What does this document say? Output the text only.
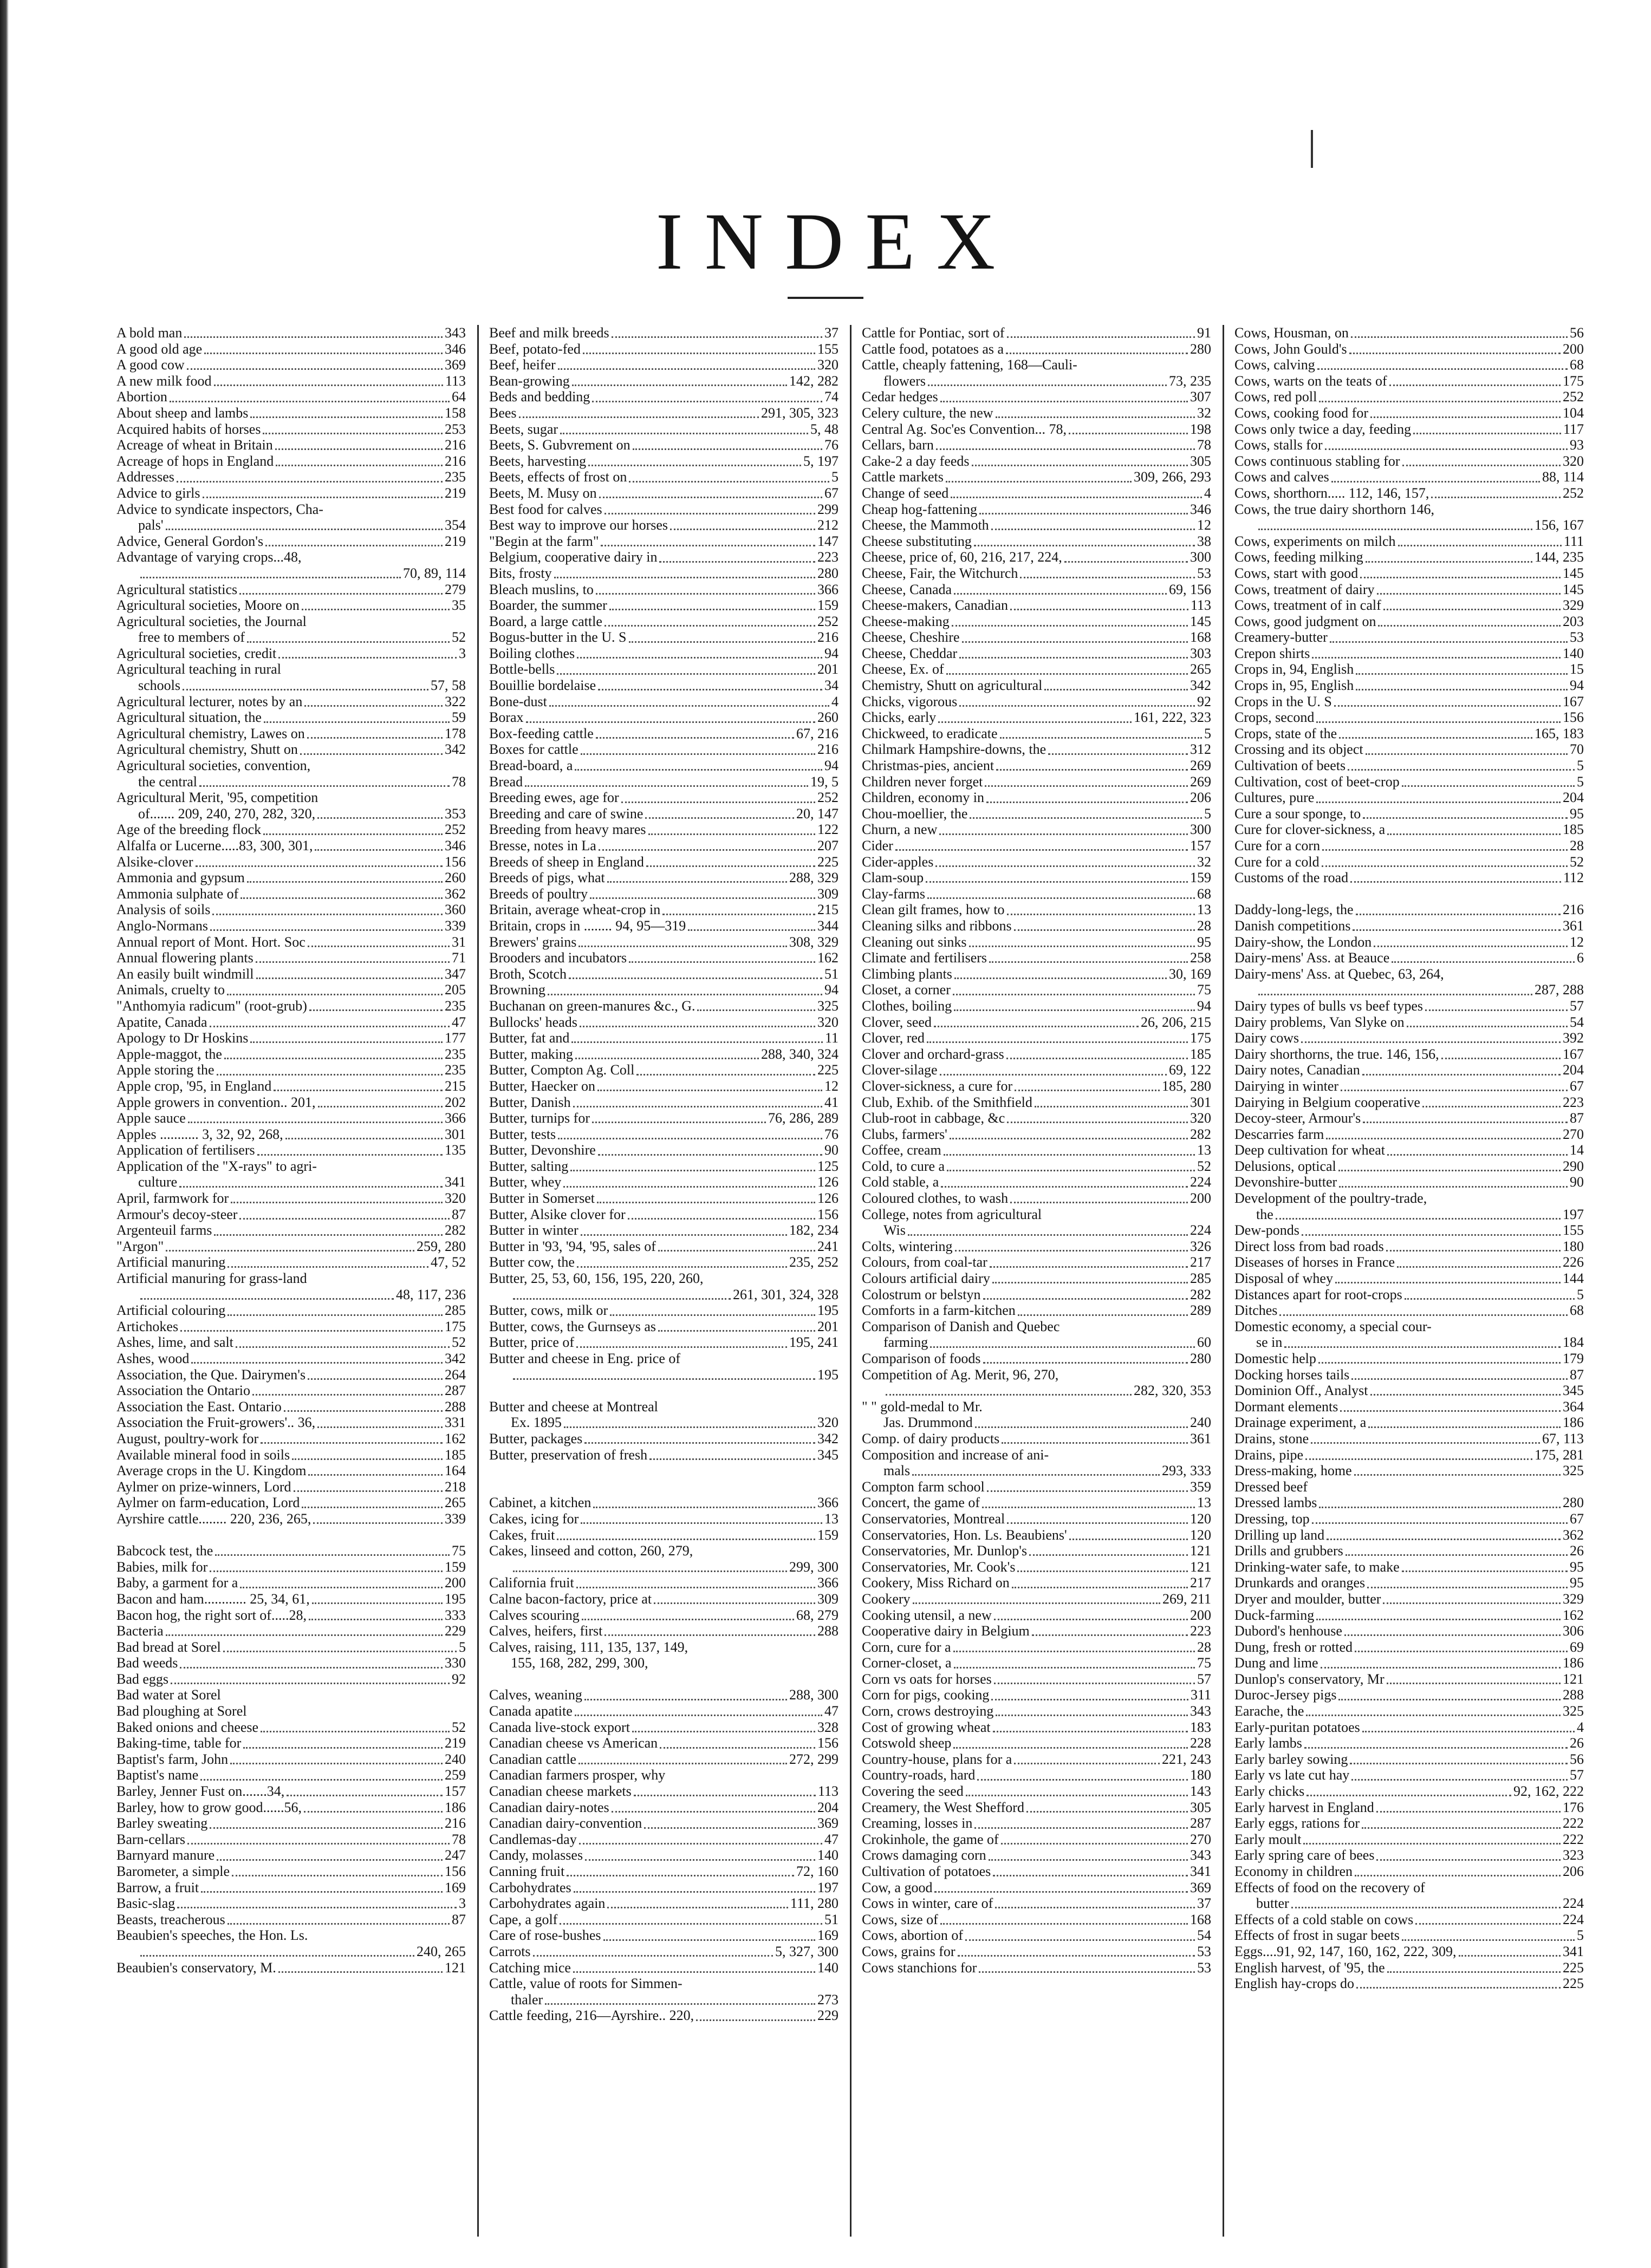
INDEX
A bold man	343
A good old age	346
A good cow	369
A new milk food	113
Abortion	64
About sheep and lambs	158
Acquired habits of horses	253
Acreage of wheat in Britain	216
Acreage of hops in England	216
Addresses	235
Advice to girls	219
Advice to syndicate inspectors, Cha-
pals'	354
Advice, General Gordon's	219
Advantage of varying crops...48,
70, 89, 114
Agricultural statistics	279
Agricultural societies, Moore on	35
Agricultural societies, the Journal
free to members of	52
Agricultural societies, credit	3
Agricultural teaching in rural
schools	57, 58
Agricultural lecturer, notes by an	322
Agricultural situation, the	59
Agricultural chemistry, Lawes on	178
Agricultural chemistry, Shutt on	342
Agricultural societies, convention,
the central	78
Agricultural Merit, '95, competition
of....... 209, 240, 270, 282, 320,	353
Age of the breeding flock	252
Alfalfa or Lucerne.....83, 300, 301,	346
Alsike-clover	156
Ammonia and gypsum	260
Ammonia sulphate of	362
Analysis of soils	360
Anglo-Normans	339
Annual report of Mont. Hort. Soc	31
Annual flowering plants	71
An easily built windmill	347
Animals, cruelty to	205
"Anthomyia radicum" (root-grub)	235
Apatite, Canada	47
Apology to Dr Hoskins	177
Apple-maggot, the	235
Apple storing the	235
Apple crop, '95, in England	215
Apple growers in convention.. 201,	202
Apple sauce	366
Apples ........... 3, 32, 92, 268,	301
Application of fertilisers	135
Application of the "X-rays" to agri-
culture	341
April, farmwork for	320
Armour's decoy-steer	87
Argenteuil farms	282
"Argon"	259, 280
Artificial manuring	47, 52
Artificial manuring for grass-land
48, 117, 236
Artificial colouring	285
Artichokes	175
Ashes, lime, and salt	52
Ashes, wood	342
Association, the Que. Dairymen's	264
Association the Ontario	287
Association the East. Ontario	288
Association the Fruit-growers'.. 36,	331
August, poultry-work for	162
Available mineral food in soils	185
Average crops in the U. Kingdom	164
Aylmer on prize-winners, Lord	218
Aylmer on farm-education, Lord	265
Ayrshire cattle........ 220, 236, 265,	339
Babcock test, the	75
Babies, milk for	159
Baby, a garment for a	200
Bacon and ham............ 25, 34, 61,	195
Bacon hog, the right sort of.....28,	333
Bacteria	229
Bad bread at Sorel	5
Bad weeds	330
Bad eggs	92
Bad water at Sorel
Bad ploughing at Sorel
Baked onions and cheese	52
Baking-time, table for	219
Baptist's farm, John	240
Baptist's name	259
Barley, Jenner Fust on.......34,	157
Barley, how to grow good......56,	186
Barley sweating	216
Barn-cellars	78
Barnyard manure	247
Barometer, a simple	156
Barrow, a fruit	169
Basic-slag	3
Beasts, treacherous	87
Beaubien's speeches, the Hon. Ls.
240, 265
Beaubien's conservatory, M.	121
Beef and milk breeds	37
Beef, potato-fed	155
Beef, heifer	320
Bean-growing	142, 282
Beds and bedding	74
Bees	291, 305, 323
Beets, sugar	5, 48
Beets, S. Gubvrement on	76
Beets, harvesting	5, 197
Beets, effects of frost on	5
Beets, M. Musy on	67
Best food for calves	299
Best way to improve our horses	212
"Begin at the farm"	147
Belgium, cooperative dairy in	223
Bits, frosty	280
Bleach muslins, to	366
Boarder, the summer	159
Board, a large cattle	252
Bogus-butter in the U. S	216
Boiling clothes	94
Bottle-bells	201
Bouillie bordelaise	34
Bone-dust	4
Borax	260
Box-feeding cattle	67, 216
Boxes for cattle	216
Bread-board, a	94
Bread	19, 5
Breeding ewes, age for	252
Breeding and care of swine	20, 147
Breeding from heavy mares	122
Bresse, notes in La	207
Breeds of sheep in England	225
Breeds of pigs, what	288, 329
Breeds of poultry	309
Britain, average wheat-crop in	215
Britain, crops in ........ 94, 95—319	344
Brewers' grains	308, 329
Brooders and incubators	162
Broth, Scotch	51
Browning	94
Buchanan on green-manures &c., G.	325
Bullocks' heads	320
Butter, fat and	11
Butter, making	288, 340, 324
Butter, Compton Ag. Coll	225
Butter, Haecker on	12
Butter, Danish	41
Butter, turnips for	76, 286, 289
Butter, tests	76
Butter, Devonshire	90
Butter, salting	125
Butter, whey	126
Butter in Somerset	126
Butter, Alsike clover for	156
Butter in winter	182, 234
Butter in '93, '94, '95, sales of	241
Butter cow, the	235, 252
Butter, 25, 53, 60, 156, 195, 220, 260,
261, 301, 324, 328
Butter, cows, milk or	195
Butter, cows, the Gurnseys as	201
Butter, price of	195, 241
Butter and cheese in Eng. price of
195
Butter and cheese at Montreal
Ex. 1895	320
Butter, packages	342
Butter, preservation of fresh	345
Cabinet, a kitchen	366
Cakes, icing for	13
Cakes, fruit	159
Cakes, linseed and cotton, 260, 279,
299, 300
California fruit	366
Calne bacon-factory, price at	309
Calves scouring	68, 279
Calves, heifers, first	288
Calves, raising, 111, 135, 137, 149,
155, 168, 282, 299, 300,
Calves, weaning	288, 300
Canada apatite	47
Canada live-stock export	328
Canadian cheese vs American	156
Canadian cattle	272, 299
Canadian farmers prosper, why
Canadian cheese markets	113
Canadian dairy-notes	204
Canadian dairy-convention	369
Candlemas-day	47
Candy, molasses	140
Canning fruit	72, 160
Carbohydrates	197
Carbohydrates again	111, 280
Cape, a golf	51
Care of rose-bushes	169
Carrots	5, 327, 300
Catching mice	140
Cattle, value of roots for Simmen-
thaler	273
Cattle feeding, 216—Ayrshire.. 220,	229
Cattle for Pontiac, sort of	91
Cattle food, potatoes as a	280
Cattle, cheaply fattening, 168—Cauli-
flowers	73, 235
Cedar hedges	307
Celery culture, the new	32
Central Ag. Soc'es Convention... 78,	198
Cellars, barn	78
Cake-2 a day feeds	305
Cattle markets	309, 266, 293
Change of seed	4
Cheap hog-fattening	346
Cheese, the Mammoth	12
Cheese substituting	38
Cheese, price of, 60, 216, 217, 224,	300
Cheese, Fair, the Witchurch	53
Cheese, Canada	69, 156
Cheese-makers, Canadian	113
Cheese-making	145
Cheese, Cheshire	168
Cheese, Cheddar	303
Cheese, Ex. of	265
Chemistry, Shutt on agricultural	342
Chicks, vigorous	92
Chicks, early	161, 222, 323
Chickweed, to eradicate	5
Chilmark Hampshire-downs, the	312
Christmas-pies, ancient	269
Children never forget	269
Children, economy in	206
Chou-moellier, the	5
Churn, a new	300
Cider	157
Cider-apples	32
Clam-soup	159
Clay-farms	68
Clean gilt frames, how to	13
Cleaning silks and ribbons	28
Cleaning out sinks	95
Climate and fertilisers	258
Climbing plants	30, 169
Closet, a corner	75
Clothes, boiling	94
Clover, seed	26, 206, 215
Clover, red	175
Clover and orchard-grass	185
Clover-silage	69, 122
Clover-sickness, a cure for	185, 280
Club, Exhib. of the Smithfield	301
Club-root in cabbage, &c	320
Clubs, farmers'	282
Coffee, cream	13
Cold, to cure a	52
Cold stable, a	224
Coloured clothes, to wash	200
College, notes from agricultural
Wis	224
Colts, wintering	326
Colours, from coal-tar	217
Colours artificial dairy	285
Colostrum or belstyn	282
Comforts in a farm-kitchen	289
Comparison of Danish and Quebec
farming	60
Comparison of foods	280
Competition of Ag. Merit, 96, 270,
282, 320, 353
" " gold-medal to Mr.
Jas. Drummond	240
Comp. of dairy products	361
Composition and increase of ani-
mals	293, 333
Compton farm school	359
Concert, the game of	13
Conservatories, Montreal	120
Conservatories, Hon. Ls. Beaubiens'	120
Conservatories, Mr. Dunlop's	121
Conservatories, Mr. Cook's	121
Cookery, Miss Richard on	217
Cookery	269, 211
Cooking utensil, a new	200
Cooperative dairy in Belgium	223
Corn, cure for a	28
Corner-closet, a	75
Corn vs oats for horses	57
Corn for pigs, cooking	311
Corn, crows destroying	343
Cost of growing wheat	183
Cotswold sheep	228
Country-house, plans for a	221, 243
Country-roads, hard	180
Covering the seed	143
Creamery, the West Shefford	305
Creaming, losses in	287
Crokinhole, the game of	270
Crows damaging corn	343
Cultivation of potatoes	341
Cow, a good	369
Cows in winter, care of	37
Cows, size of	168
Cows, abortion of	54
Cows, grains for	53
Cows stanchions for	53
Cows, Housman, on	56
Cows, John Gould's	200
Cows, calving	68
Cows, warts on the teats of	175
Cows, red poll	252
Cows, cooking food for	104
Cows only twice a day, feeding	117
Cows, stalls for	93
Cows continuous stabling for	320
Cows and calves	88, 114
Cows, shorthorn..... 112, 146, 157,	252
Cows, the true dairy shorthorn 146,
156, 167
Cows, experiments on milch	111
Cows, feeding milking	144, 235
Cows, start with good	145
Cows, treatment of dairy	145
Cows, treatment of in calf	329
Cows, good judgment on	203
Creamery-butter	53
Crepon shirts	140
Crops in, 94, English	15
Crops in, 95, English	94
Crops in the U. S	167
Crops, second	156
Crops, state of the	165, 183
Crossing and its object	70
Cultivation of beets	5
Cultivation, cost of beet-crop	5
Cultures, pure	204
Cure a sour sponge, to	95
Cure for clover-sickness, a	185
Cure for a corn	28
Cure for a cold	52
Customs of the road	112
Daddy-long-legs, the	216
Danish competitions	361
Dairy-show, the London	12
Dairy-mens' Ass. at Beauce	6
Dairy-mens' Ass. at Quebec, 63, 264,
287, 288
Dairy types of bulls vs beef types	57
Dairy problems, Van Slyke on	54
Dairy cows	392
Dairy shorthorns, the true. 146, 156,	167
Dairy notes, Canadian	204
Dairying in winter	67
Dairying in Belgium cooperative	223
Decoy-steer, Armour's	87
Descarries farm	270
Deep cultivation for wheat	14
Delusions, optical	290
Devonshire-butter	90
Development of the poultry-trade,
the	197
Dew-ponds	155
Direct loss from bad roads	180
Diseases of horses in France	226
Disposal of whey	144
Distances apart for root-crops	5
Ditches	68
Domestic economy, a special cour-
se in	184
Domestic help	179
Docking horses tails	87
Dominion Off., Analyst	345
Dormant elements	364
Drainage experiment, a	186
Drains, stone	67, 113
Drains, pipe	175, 281
Dress-making, home	325
Dressed beef
Dressed lambs	280
Dressing, top	67
Drilling up land	362
Drills and grubbers	26
Drinking-water safe, to make	95
Drunkards and oranges	95
Dryer and moulder, butter	329
Duck-farming	162
Dubord's henhouse	306
Dung, fresh or rotted	69
Dung and lime	186
Dunlop's conservatory, Mr	121
Duroc-Jersey pigs	288
Earache, the	325
Early-puritan potatoes	4
Early lambs	26
Early barley sowing	56
Early vs late cut hay	57
Early chicks	92, 162, 222
Early harvest in England	176
Early eggs, rations for	222
Early moult	222
Early spring care of bees	323
Economy in children	206
Effects of food on the recovery of
butter	224
Effects of a cold stable on cows	224
Effects of frost in sugar beets	5
Eggs....91, 92, 147, 160, 162, 222, 309,	341
English harvest, of '95, the	225
English hay-crops do	225
